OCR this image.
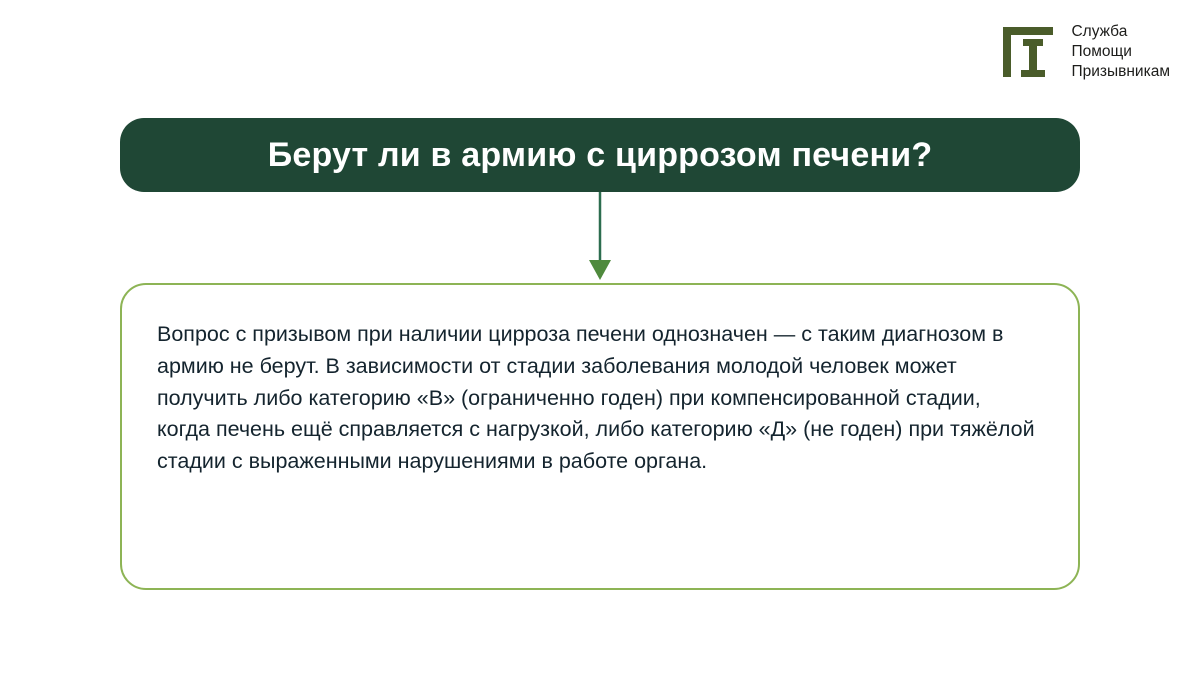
Служба
Помощи
Призывникам
Берут ли в армию с циррозом печени?
Вопрос с призывом при наличии цирроза печени однозначен — с таким диагнозом в армию не берут. В зависимости от стадии заболевания молодой человек может получить либо категорию «В» (ограниченно годен) при компенсированной стадии, когда печень ещё справляется с нагрузкой, либо категорию «Д» (не годен) при тяжёлой стадии с выраженными нарушениями в работе органа.
